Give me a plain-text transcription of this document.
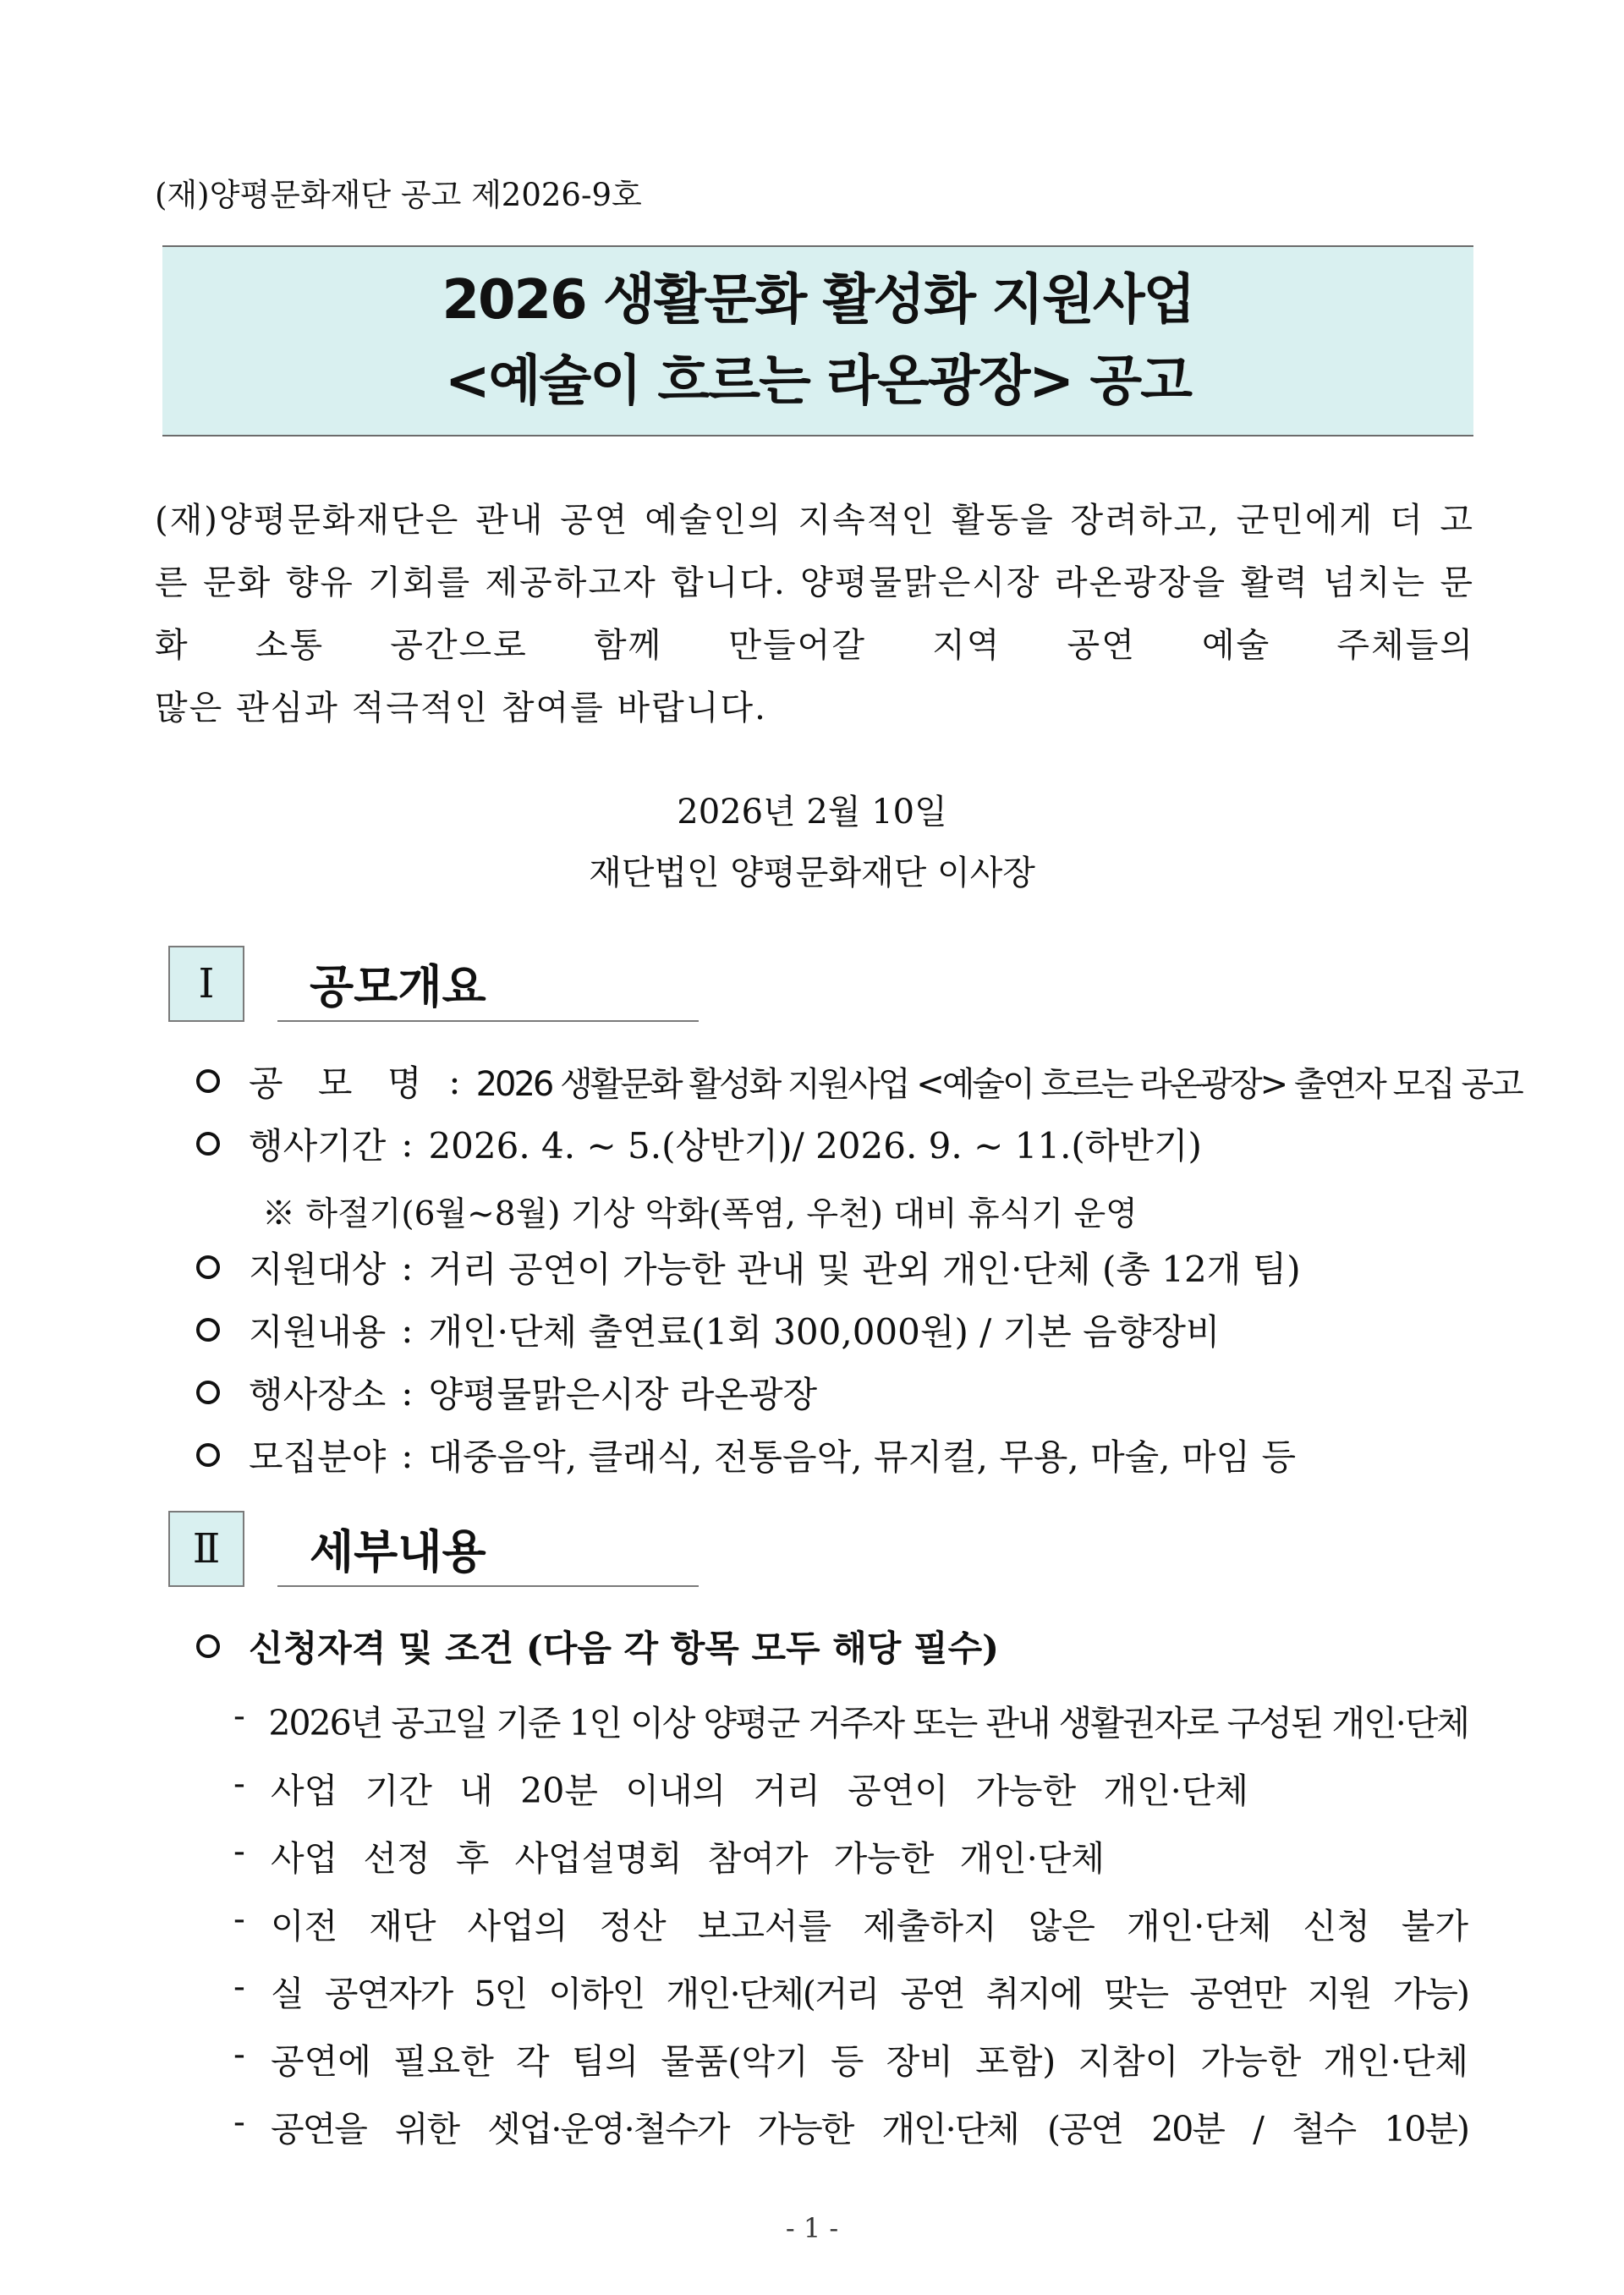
(재)양평문화재단 공고 제2026-9호
2026 생활문화 활성화 지원사업
<예술이 흐르는 라온광장> 공고
(재)양평문화재단은 관내 공연 예술인의 지속적인 활동을 장려하고, 군민에게 더 고른 문화 향유 기회를 제공하고자 합니다. 양평물맑은시장 라온광장을 활력 넘치는 문화 소통 공간으로 함께 만들어갈 지역 공연 예술 주체들의
많은 관심과 적극적인 참여를 바랍니다.
2026년 2월 10일
재단법인 양평문화재단 이사장
Ⅰ 공모개요
공 모 명 : 2026 생활문화 활성화 지원사업 <예술이 흐르는 라온광장> 출연자 모집 공고
행사기간 : 2026. 4. ~ 5.(상반기)/ 2026. 9. ~ 11.(하반기)
※ 하절기(6월~8월) 기상 악화(폭염, 우천) 대비 휴식기 운영
지원대상 : 거리 공연이 가능한 관내 및 관외 개인·단체 (총 12개 팀)
지원내용 : 개인·단체 출연료(1회 300,000원) / 기본 음향장비
행사장소 : 양평물맑은시장 라온광장
모집분야 : 대중음악, 클래식, 전통음악, 뮤지컬, 무용, 마술, 마임 등
Ⅱ 세부내용
신청자격 및 조건 (다음 각 항목 모두 해당 필수)
- 2026년 공고일 기준 1인 이상 양평군 거주자 또는 관내 생활권자로 구성된 개인·단체
- 사업 기간 내 20분 이내의 거리 공연이 가능한 개인·단체
- 사업 선정 후 사업설명회 참여가 가능한 개인·단체
- 이전 재단 사업의 정산 보고서를 제출하지 않은 개인·단체 신청 불가
- 실 공연자가 5인 이하인 개인·단체(거리 공연 취지에 맞는 공연만 지원 가능)
- 공연에 필요한 각 팀의 물품(악기 등 장비 포함) 지참이 가능한 개인·단체
- 공연을 위한 셋업·운영·철수가 가능한 개인·단체 (공연 20분 / 철수 10분)
- 1 -
